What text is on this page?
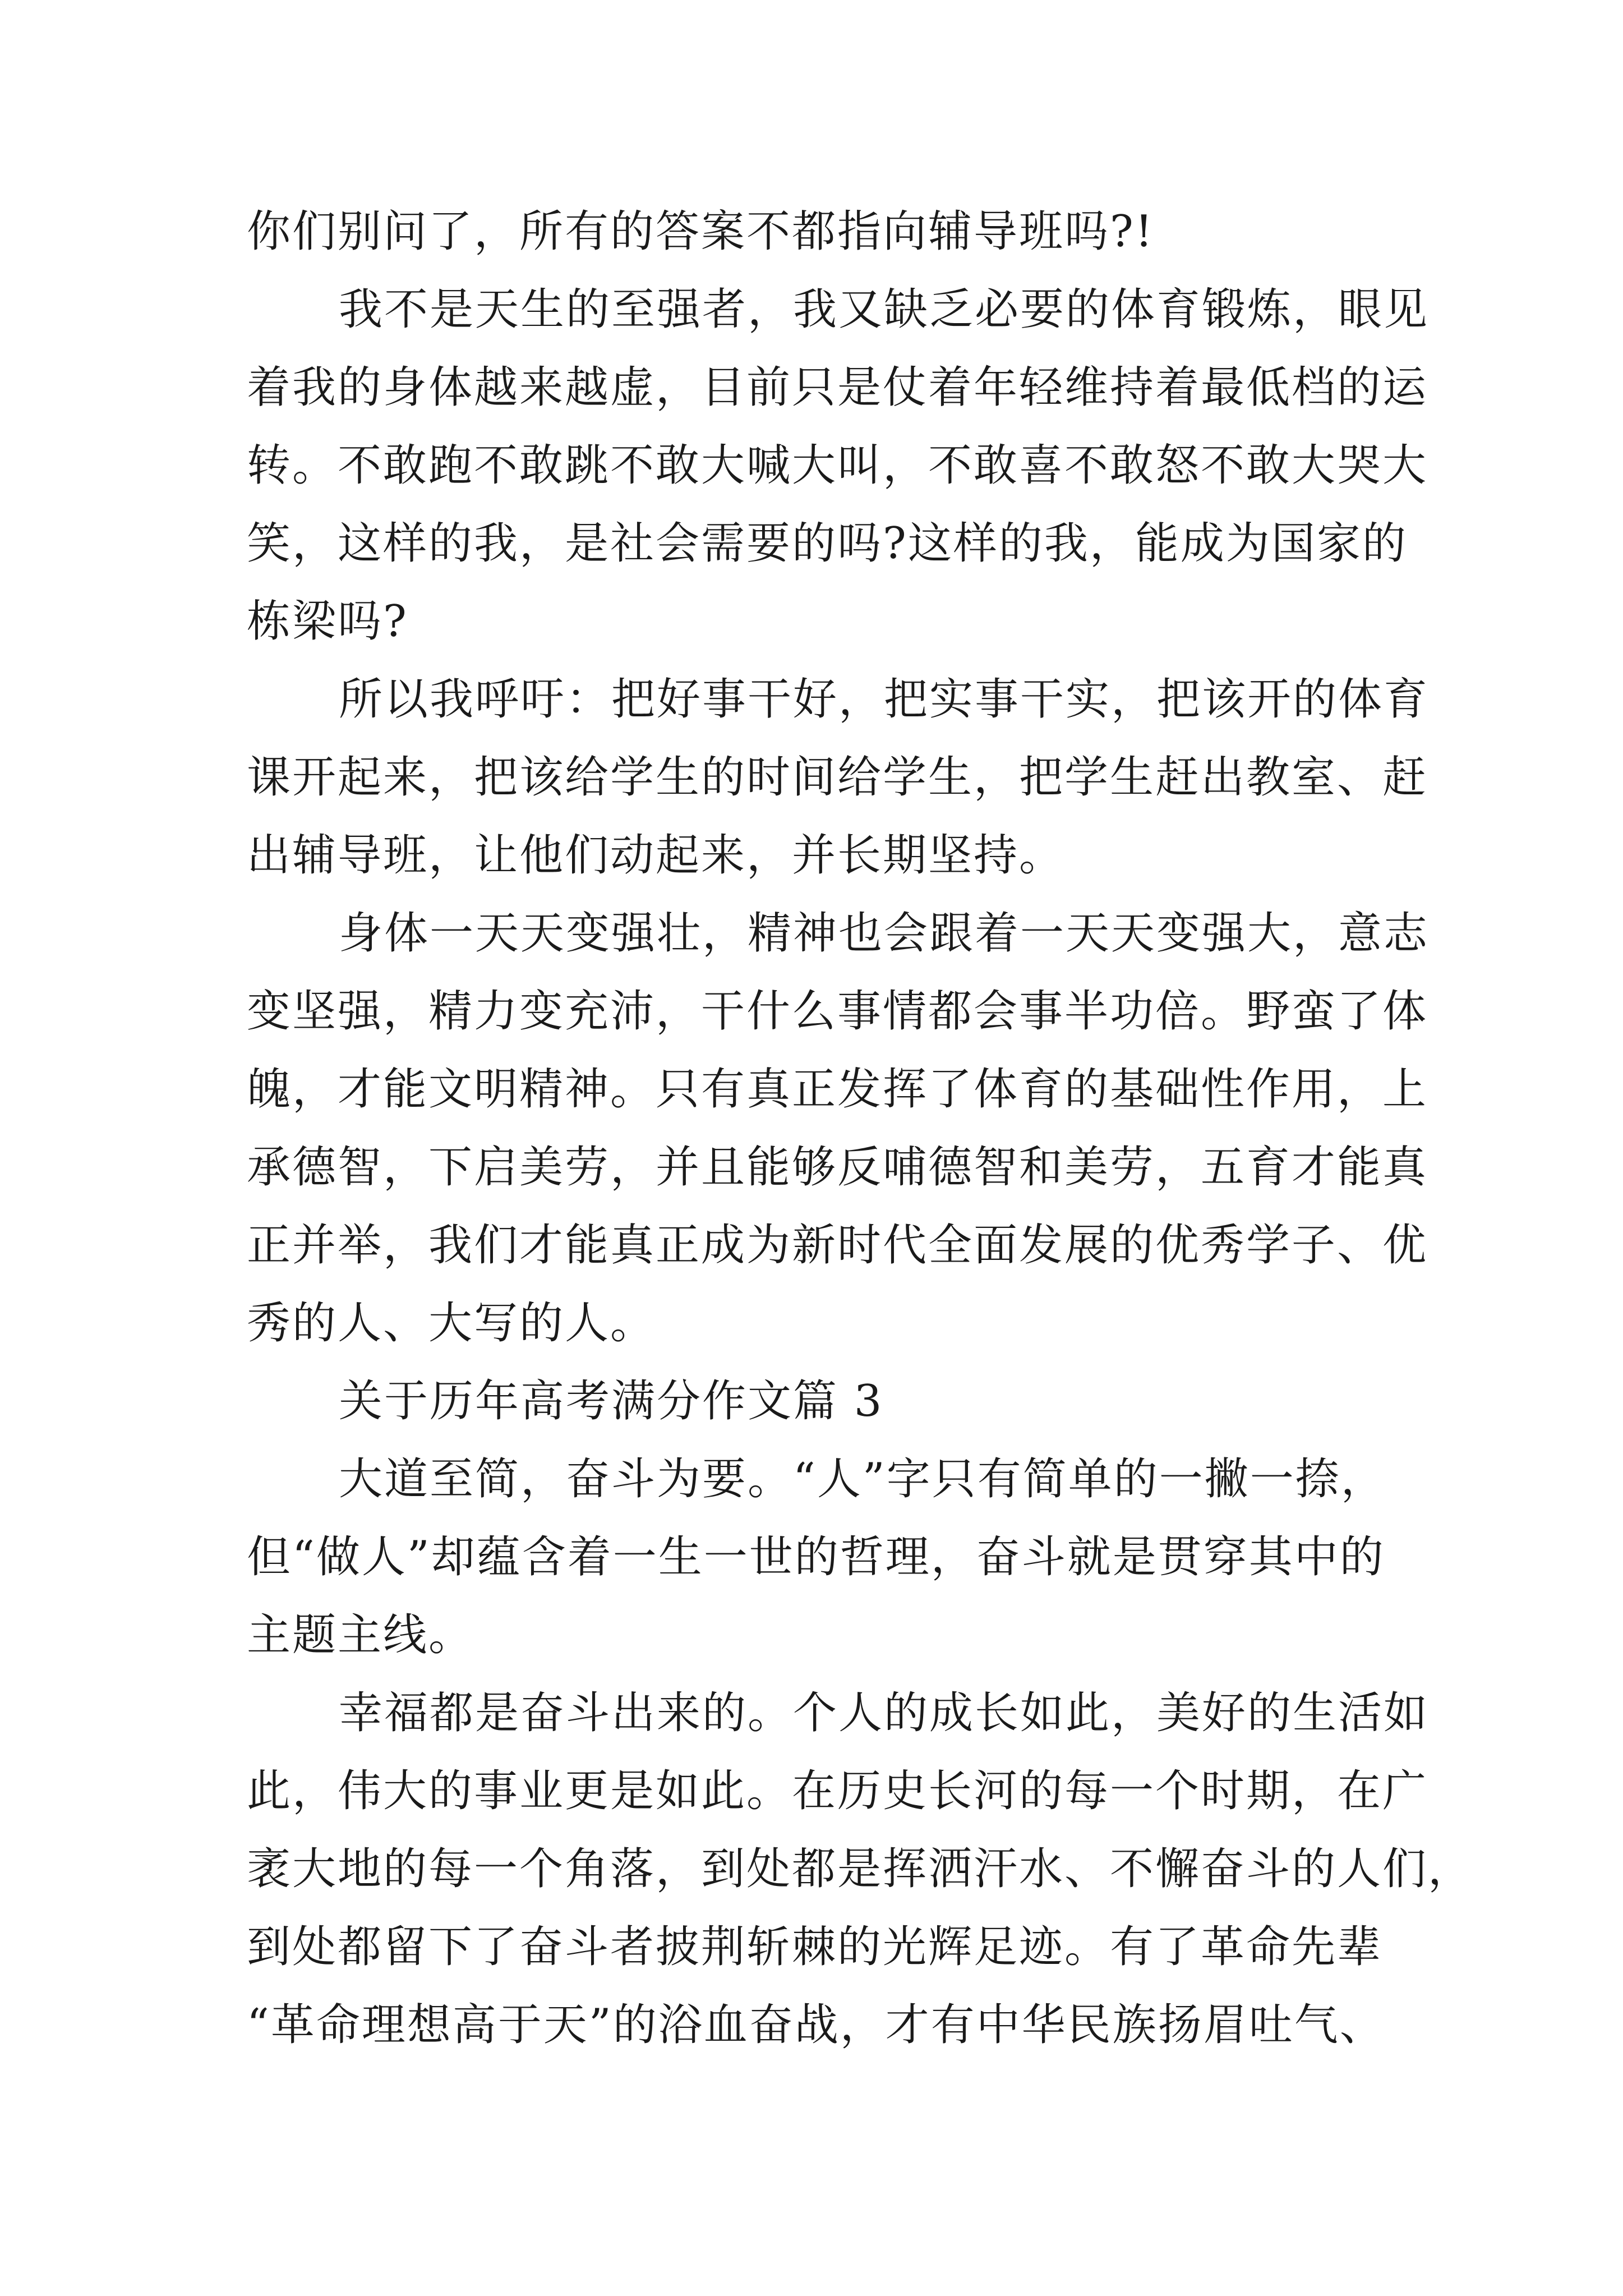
你们别问了，所有的答案不都指向辅导班吗?!
我不是天生的至强者，我又缺乏必要的体育锻炼，眼见
着我的身体越来越虚，目前只是仗着年轻维持着最低档的运
转。不敢跑不敢跳不敢大喊大叫，不敢喜不敢怒不敢大哭大
笑，这样的我，是社会需要的吗?这样的我，能成为国家的
栋梁吗?
所以我呼吁：把好事干好，把实事干实，把该开的体育
课开起来，把该给学生的时间给学生，把学生赶出教室、赶
出辅导班，让他们动起来，并长期坚持。
身体一天天变强壮，精神也会跟着一天天变强大，意志
变坚强，精力变充沛，干什么事情都会事半功倍。野蛮了体
魄，才能文明精神。只有真正发挥了体育的基础性作用，上
承德智，下启美劳，并且能够反哺德智和美劳，五育才能真
正并举，我们才能真正成为新时代全面发展的优秀学子、优
秀的人、大写的人。
关于历年高考满分作文篇 3
大道至简，奋斗为要。“人”字只有简单的一撇一捺，
但“做人”却蕴含着一生一世的哲理，奋斗就是贯穿其中的
主题主线。
幸福都是奋斗出来的。个人的成长如此，美好的生活如
此，伟大的事业更是如此。在历史长河的每一个时期，在广
袤大地的每一个角落，到处都是挥洒汗水、不懈奋斗的人们，
到处都留下了奋斗者披荆斩棘的光辉足迹。有了革命先辈
“革命理想高于天”的浴血奋战，才有中华民族扬眉吐气、
